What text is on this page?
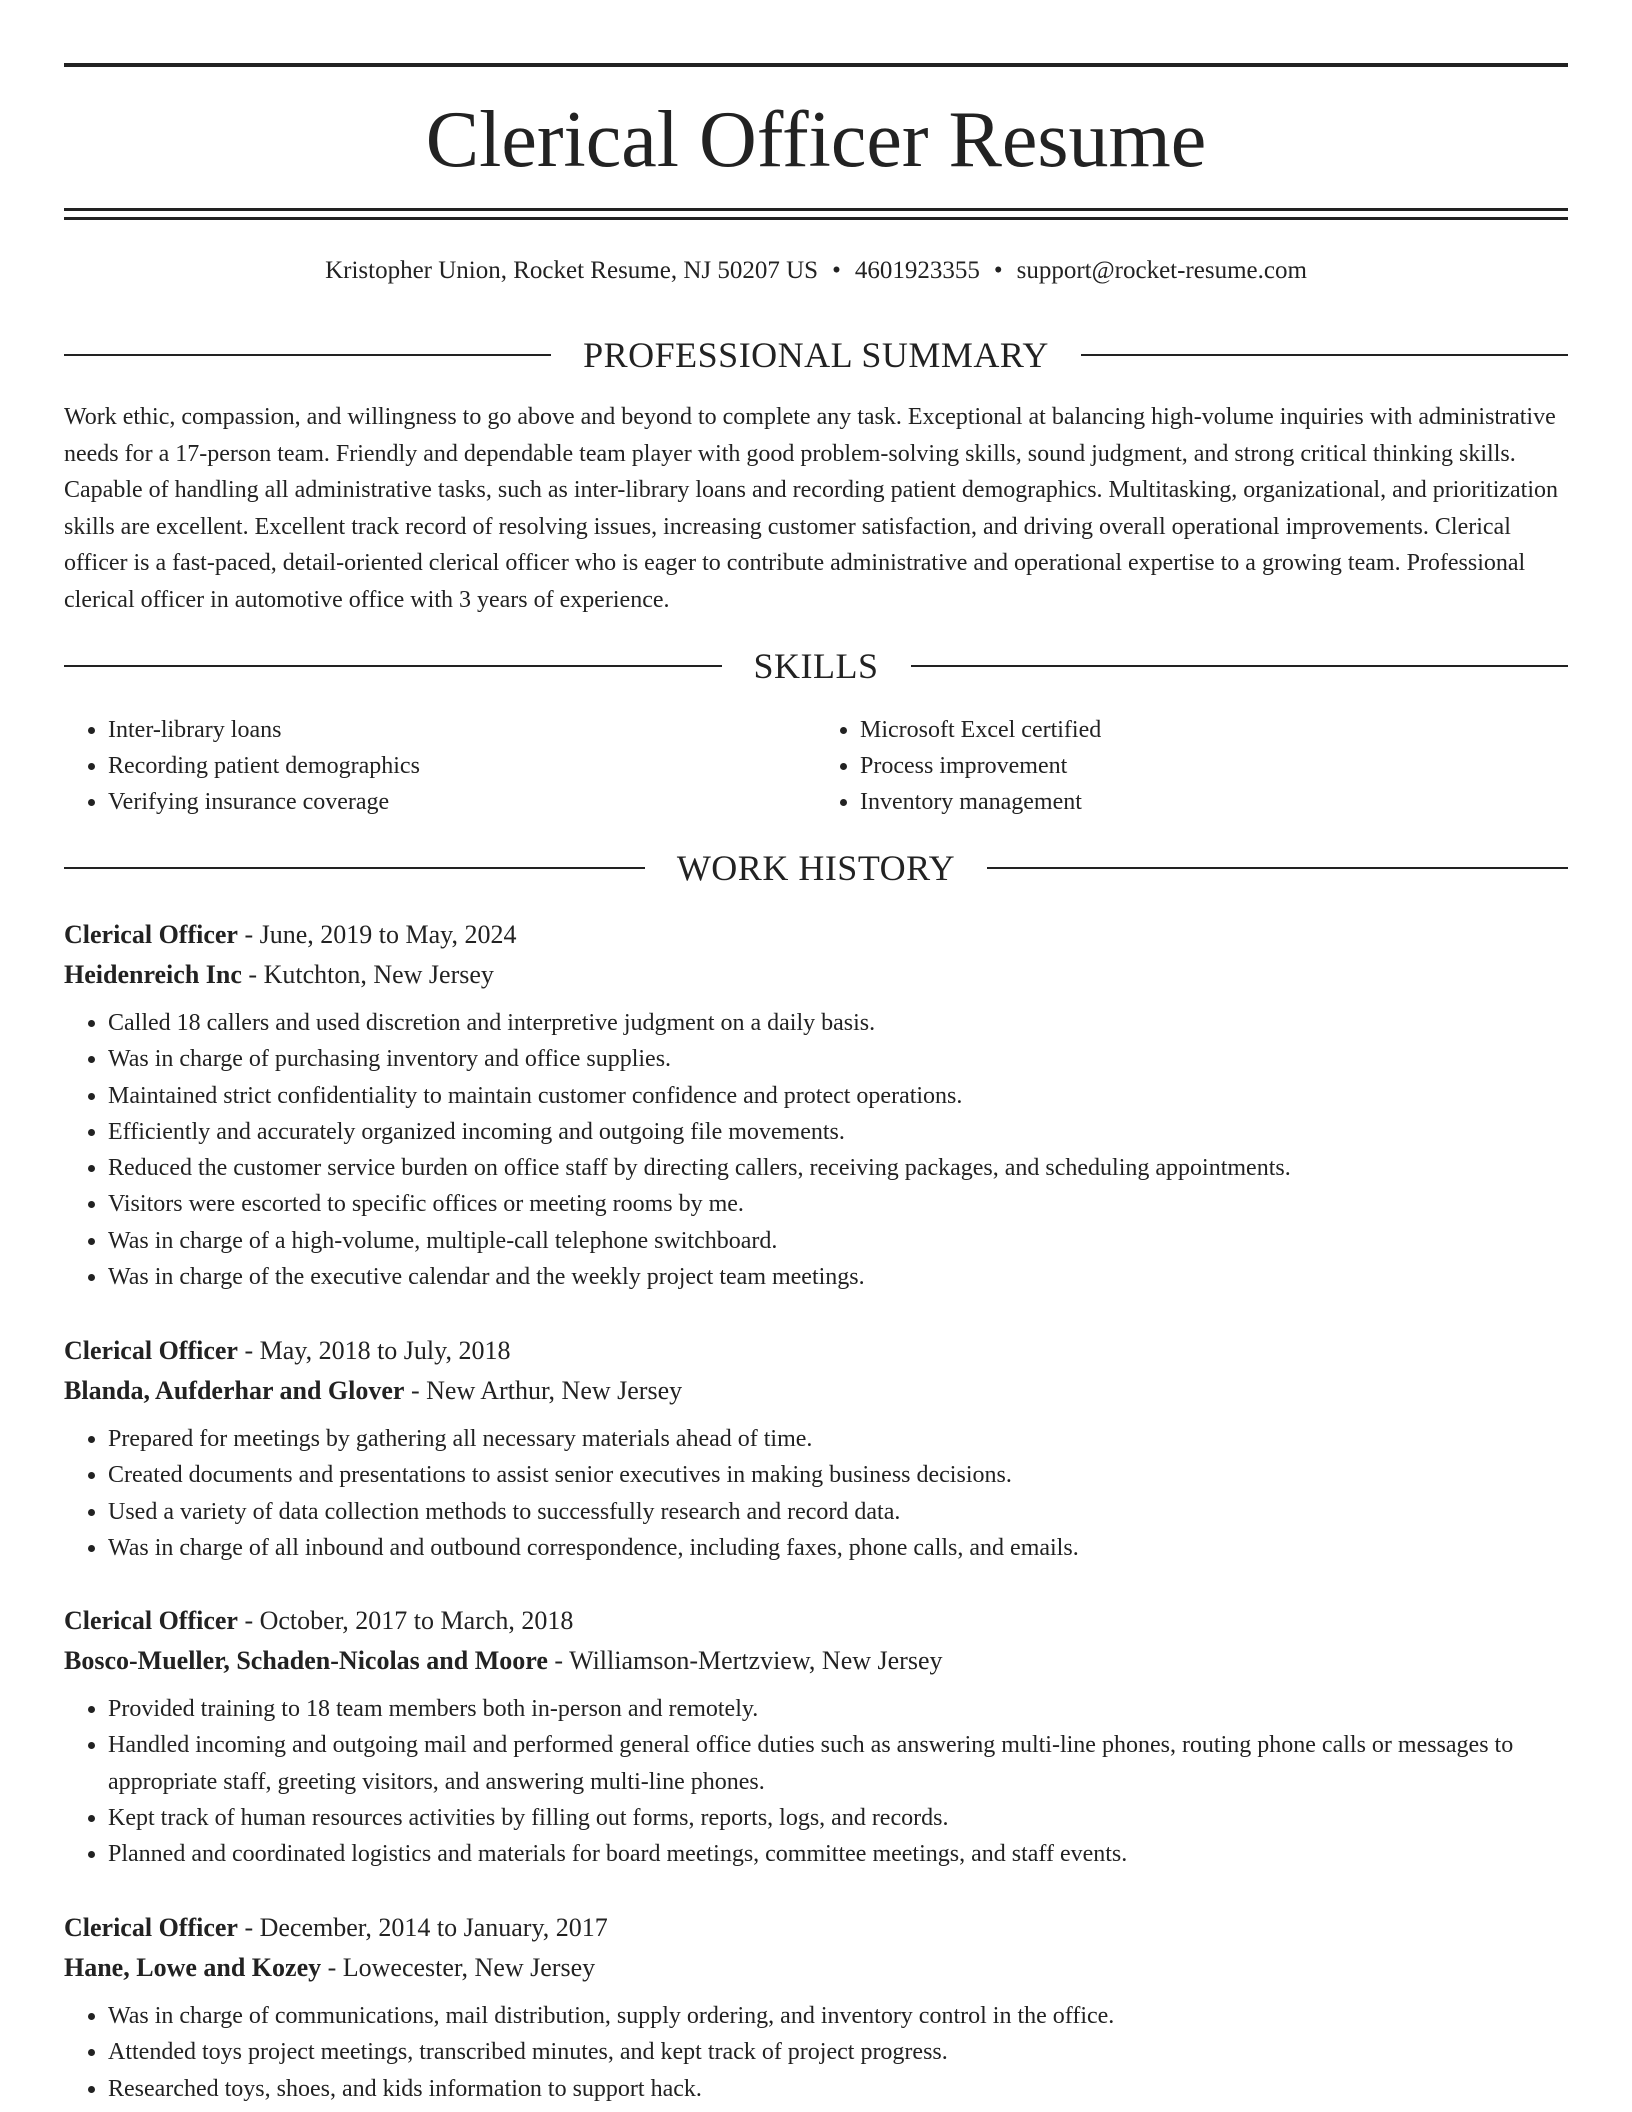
Clerical Officer Resume
Kristopher Union, Rocket Resume, NJ 50207 US • 4601923355 • support@rocket-resume.com
PROFESSIONAL SUMMARY

Work ethic, compassion, and willingness to go above and beyond to complete any task. Exceptional at balancing high-volume inquiries with administrative needs for a 17-person team. Friendly and dependable team player with good problem-solving skills, sound judgment, and strong critical thinking skills. Capable of handling all administrative tasks, such as inter-library loans and recording patient demographics. Multitasking, organizational, and prioritization skills are excellent. Excellent track record of resolving issues, increasing customer satisfaction, and driving overall operational improvements. Clerical officer is a fast-paced, detail-oriented clerical officer who is eager to contribute administrative and operational expertise to a growing team. Professional clerical officer in automotive office with 3 years of experience.

SKILLS
• Inter-library loans
• Recording patient demographics
• Verifying insurance coverage
• Microsoft Excel certified
• Process improvement
• Inventory management
WORK HISTORY
Clerical Officer - June, 2019 to May, 2024
Heidenreich Inc - Kutchton, New Jersey
• Called 18 callers and used discretion and interpretive judgment on a daily basis.
• Was in charge of purchasing inventory and office supplies.
• Maintained strict confidentiality to maintain customer confidence and protect operations.
• Efficiently and accurately organized incoming and outgoing file movements.
• Reduced the customer service burden on office staff by directing callers, receiving packages, and scheduling appointments.
• Visitors were escorted to specific offices or meeting rooms by me.
• Was in charge of a high-volume, multiple-call telephone switchboard.
• Was in charge of the executive calendar and the weekly project team meetings.
Clerical Officer - May, 2018 to July, 2018
Blanda, Aufderhar and Glover - New Arthur, New Jersey
• Prepared for meetings by gathering all necessary materials ahead of time.
• Created documents and presentations to assist senior executives in making business decisions.
• Used a variety of data collection methods to successfully research and record data.
• Was in charge of all inbound and outbound correspondence, including faxes, phone calls, and emails.
Clerical Officer - October, 2017 to March, 2018
Bosco-Mueller, Schaden-Nicolas and Moore - Williamson-Mertzview, New Jersey
• Provided training to 18 team members both in-person and remotely.
• Handled incoming and outgoing mail and performed general office duties such as answering multi-line phones, routing phone calls or messages to appropriate staff, greeting visitors, and answering multi-line phones.
• Kept track of human resources activities by filling out forms, reports, logs, and records.
• Planned and coordinated logistics and materials for board meetings, committee meetings, and staff events.
Clerical Officer - December, 2014 to January, 2017
Hane, Lowe and Kozey - Lowecester, New Jersey
• Was in charge of communications, mail distribution, supply ordering, and inventory control in the office.
• Attended toys project meetings, transcribed minutes, and kept track of project progress.
• Researched toys, shoes, and kids information to support hack.
